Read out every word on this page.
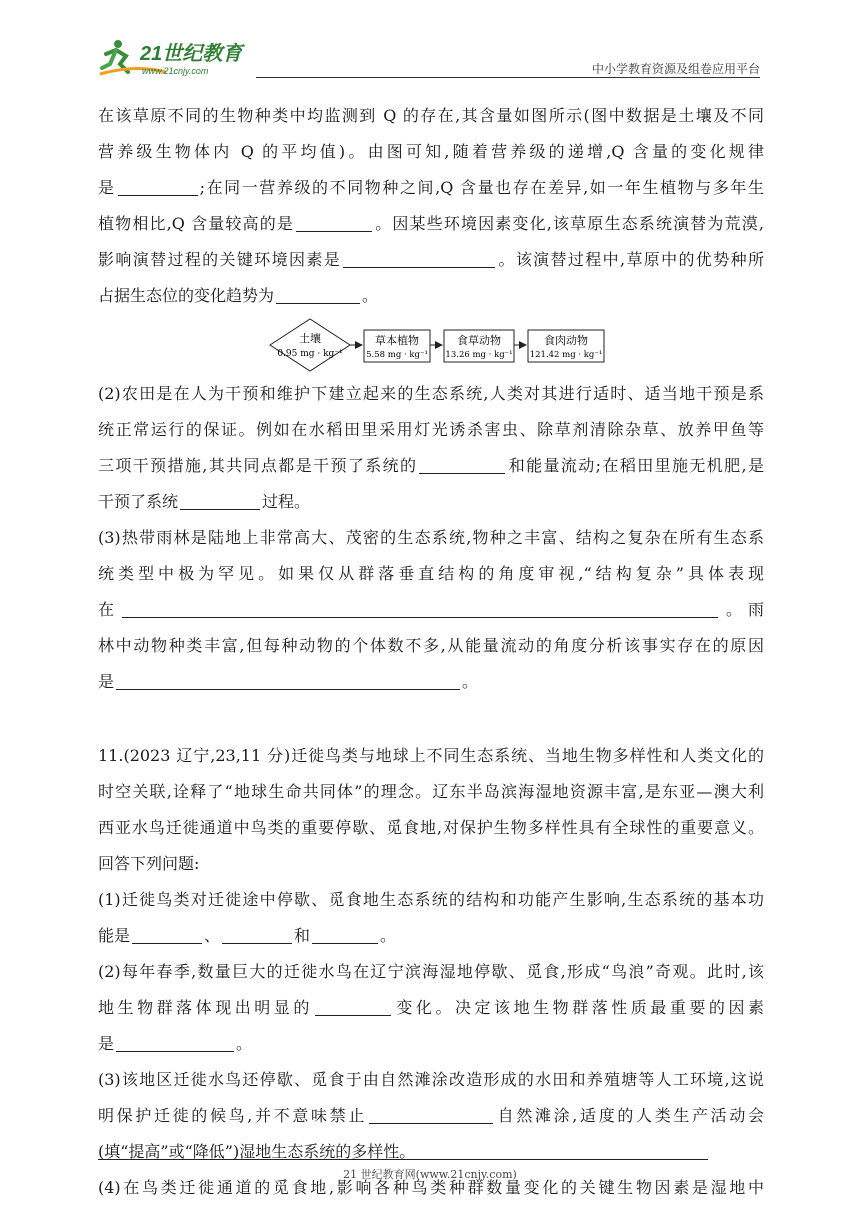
21世纪教育
www.21cnjy.com	中小学教育资源及组卷应用平台
在该草原不同的生物种类中均监测到 Q 的存在,其含量如图所示(图中数据是土壤及不同
营养级生物体内 Q 的平均值)。由图可知,随着营养级的递增,Q 含量的变化规律
是	;在同一营养级的不同物种之间,Q 含量也存在差异,如一年生植物与多年生
植物相比,Q 含量较高的是	。因某些环境因素变化,该草原生态系统演替为荒漠,
影响演替过程的关键环境因素是	。该演替过程中,草原中的优势种所
占据生态位的变化趋势为	。
土壤
0.95 mg · kg⁻¹
草本植物
5.58 mg · kg⁻¹
食草动物
13.26 mg · kg⁻¹
食肉动物
121.42 mg · kg⁻¹
(2)农田是在人为干预和维护下建立起来的生态系统,人类对其进行适时、适当地干预是系
统正常运行的保证。例如在水稻田里采用灯光诱杀害虫、除草剂清除杂草、放养甲鱼等
三项干预措施,其共同点都是干预了系统的	和能量流动;在稻田里施无机肥,是
干预了系统	过程。
(3)热带雨林是陆地上非常高大、茂密的生态系统,物种之丰富、结构之复杂在所有生态系
统类型中极为罕见。如果仅从群落垂直结构的角度审视,“结构复杂”具体表现
在	。雨
林中动物种类丰富,但每种动物的个体数不多,从能量流动的角度分析该事实存在的原因
是	。
11.(2023 辽宁,23,11 分)迁徙鸟类与地球上不同生态系统、当地生物多样性和人类文化的
时空关联,诠释了“地球生命共同体”的理念。辽东半岛滨海湿地资源丰富,是东亚—澳大利
西亚水鸟迁徙通道中鸟类的重要停歇、觅食地,对保护生物多样性具有全球性的重要意义。
回答下列问题:
(1)迁徙鸟类对迁徙途中停歇、觅食地生态系统的结构和功能产生影响,生态系统的基本功
能是	、	和	。
(2)每年春季,数量巨大的迁徙水鸟在辽宁滨海湿地停歇、觅食,形成“鸟浪”奇观。此时,该
地生物群落体现出明显的	变化。决定该地生物群落性质最重要的因素
是	。
(3)该地区迁徙水鸟还停歇、觅食于由自然滩涂改造形成的水田和养殖塘等人工环境,这说
明保护迁徙的候鸟,并不意味禁止	自然滩涂,适度的人类生产活动会
(填“提高”或“降低”)湿地生态系统的多样性。
(4)在鸟类迁徙通道的觅食地,影响各种鸟类种群数量变化的关键生物因素是湿地中
21 世纪教育网(www.21cnjy.com)
